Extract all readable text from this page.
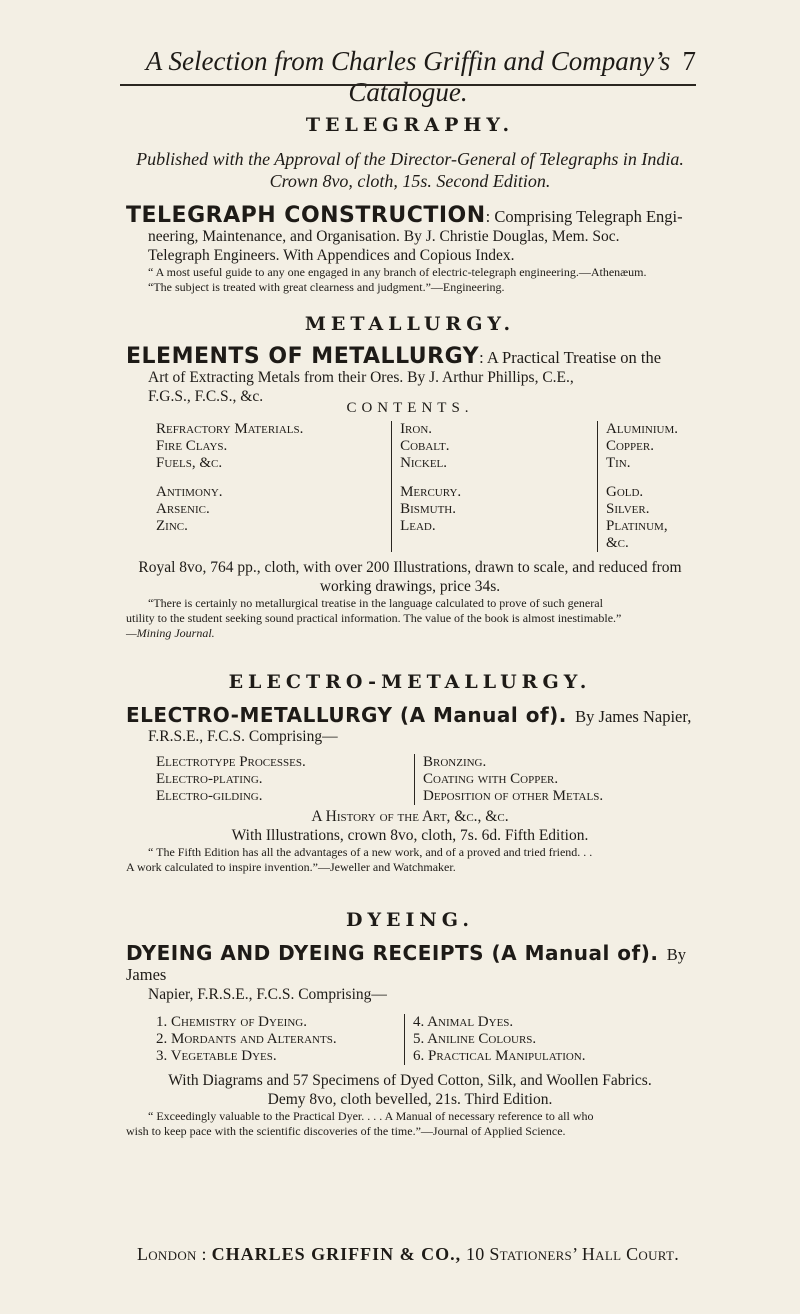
A Selection from Charles Griffin and Company’s Catalogue.
7
TELEGRAPHY.
Published with the Approval of the Director-General of Telegraphs in India.
Crown 8vo, cloth, 15s. Second Edition.
TELEGRAPH CONSTRUCTION: Comprising Telegraph Engi-
neering, Maintenance, and Organisation. By J. Christie Douglas, Mem. Soc.
Telegraph Engineers. With Appendices and Copious Index.
“ A most useful guide to any one engaged in any branch of electric-telegraph engineering.—Athenæum.
“The subject is treated with great clearness and judgment.”—Engineering.
METALLURGY.
ELEMENTS OF METALLURGY: A Practical Treatise on the
Art of Extracting Metals from their Ores. By J. Arthur Phillips, C.E.,
F.G.S., F.C.S., &c.
CONTENTS.
Refractory Materials.
Fire Clays.
Fuels, &c.
Antimony.
Arsenic.
Zinc.
Iron.
Cobalt.
Nickel.
Mercury.
Bismuth.
Lead.
Aluminium.
Copper.
Tin.
Gold.
Silver.
Platinum, &c.
Royal 8vo, 764 pp., cloth, with over 200 Illustrations, drawn to scale, and reduced from
working drawings, price 34s.
“There is certainly no metallurgical treatise in the language calculated to prove of such general
utility to the student seeking sound practical information. The value of the book is almost inestimable.”
—Mining Journal.
ELECTRO-METALLURGY.
ELECTRO-METALLURGY (A Manual of). By James Napier,
F.R.S.E., F.C.S. Comprising—
Electrotype Processes.
Electro-plating.
Electro-gilding.
Bronzing.
Coating with Copper.
Deposition of other Metals.
A History of the Art, &c., &c.
With Illustrations, crown 8vo, cloth, 7s. 6d. Fifth Edition.
“ The Fifth Edition has all the advantages of a new work, and of a proved and tried friend. . .
A work calculated to inspire invention.”—Jeweller and Watchmaker.
DYEING.
DYEING AND DYEING RECEIPTS (A Manual of). By James
Napier, F.R.S.E., F.C.S. Comprising—
1. Chemistry of Dyeing.
2. Mordants and Alterants.
3. Vegetable Dyes.
4. Animal Dyes.
5. Aniline Colours.
6. Practical Manipulation.
With Diagrams and 57 Specimens of Dyed Cotton, Silk, and Woollen Fabrics.
Demy 8vo, cloth bevelled, 21s. Third Edition.
“ Exceedingly valuable to the Practical Dyer. . . . A Manual of necessary reference to all who
wish to keep pace with the scientific discoveries of the time.”—Journal of Applied Science.
London : CHARLES GRIFFIN & CO., 10 Stationers’ Hall Court.
